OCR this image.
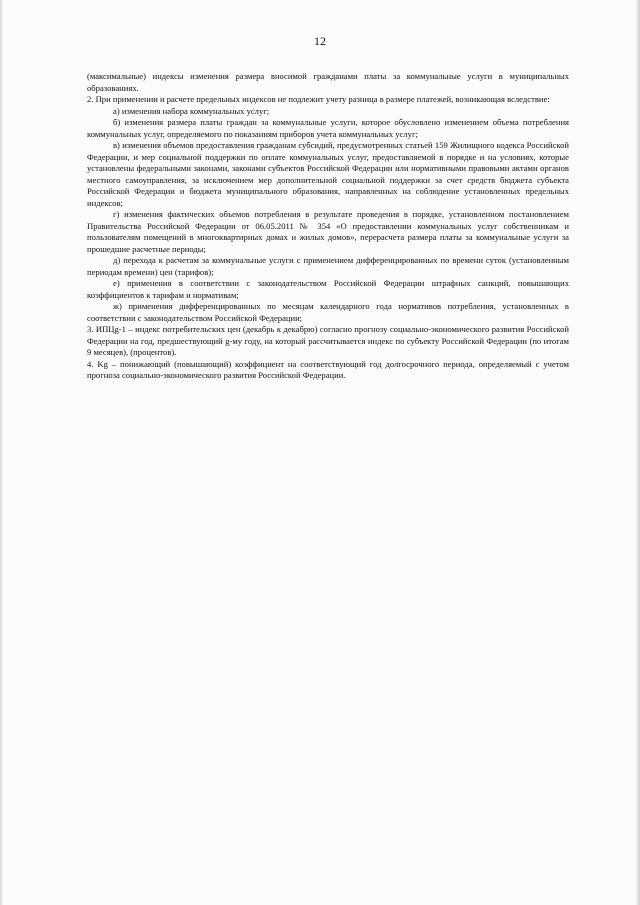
12

(максимальные) индексы изменения размера вносимой гражданами платы за коммунальные услуги в муниципальных образованиях.

2. При применении и расчете предельных индексов не подлежит учету разница в размере платежей, возникающая вследствие:

а) изменения набора коммунальных услуг;

б) изменения размера платы граждан за коммунальные услуги, которое обусловлено изменением объема потребления коммунальных услуг, определяемого по показаниям приборов учета коммунальных услуг;

в) изменения объемов предоставления гражданам субсидий, предусмотренных статьей 159 Жилищного кодекса Российской Федерации, и мер социальной поддержки по оплате коммунальных услуг, предоставляемой в порядке и на условиях, которые установлены федеральными законами, законами субъектов Российской Федерации или нормативными правовыми актами органов местного самоуправления, за исключением мер дополнительной социальной поддержки за счет средств бюджета субъекта Российской Федерации и бюджета муниципального образования, направленных на соблюдение установленных предельных индексов;

г) изменения фактических объемов потребления в результате проведения в порядке, установленном постановлением Правительства Российской Федерации от 06.05.2011 № 354 «О предоставлении коммунальных услуг собственникам и пользователям помещений в многоквартирных домах и жилых домов», перерасчета размера платы за коммунальные услуги за прошедшие расчетные периоды;

д) перехода к расчетам за коммунальные услуги с применением дифференцированных по времени суток (установленным периодам времени) цен (тарифов);

е) применения в соответствии с законодательством Российской Федерации штрафных санкций, повышающих коэффициентов к тарифам и нормативам;

ж) применения дифференцированных по месяцам календарного года нормативов потребления, установленных в соответствии с законодательством Российской Федерации;

3. ИПЦg-1 – индекс потребительских цен (декабрь к декабрю) согласно прогнозу социально-экономического развития Российской Федерации на год, предшествующий g-му году, на который рассчитывается индекс по субъекту Российской Федерации (по итогам 9 месяцев), (процентов).

4. Kg – понижающий (повышающий) коэффициент на соответствующий год долгосрочного периода, определяемый с учетом прогноза социально-экономического развития Российской Федерации.
